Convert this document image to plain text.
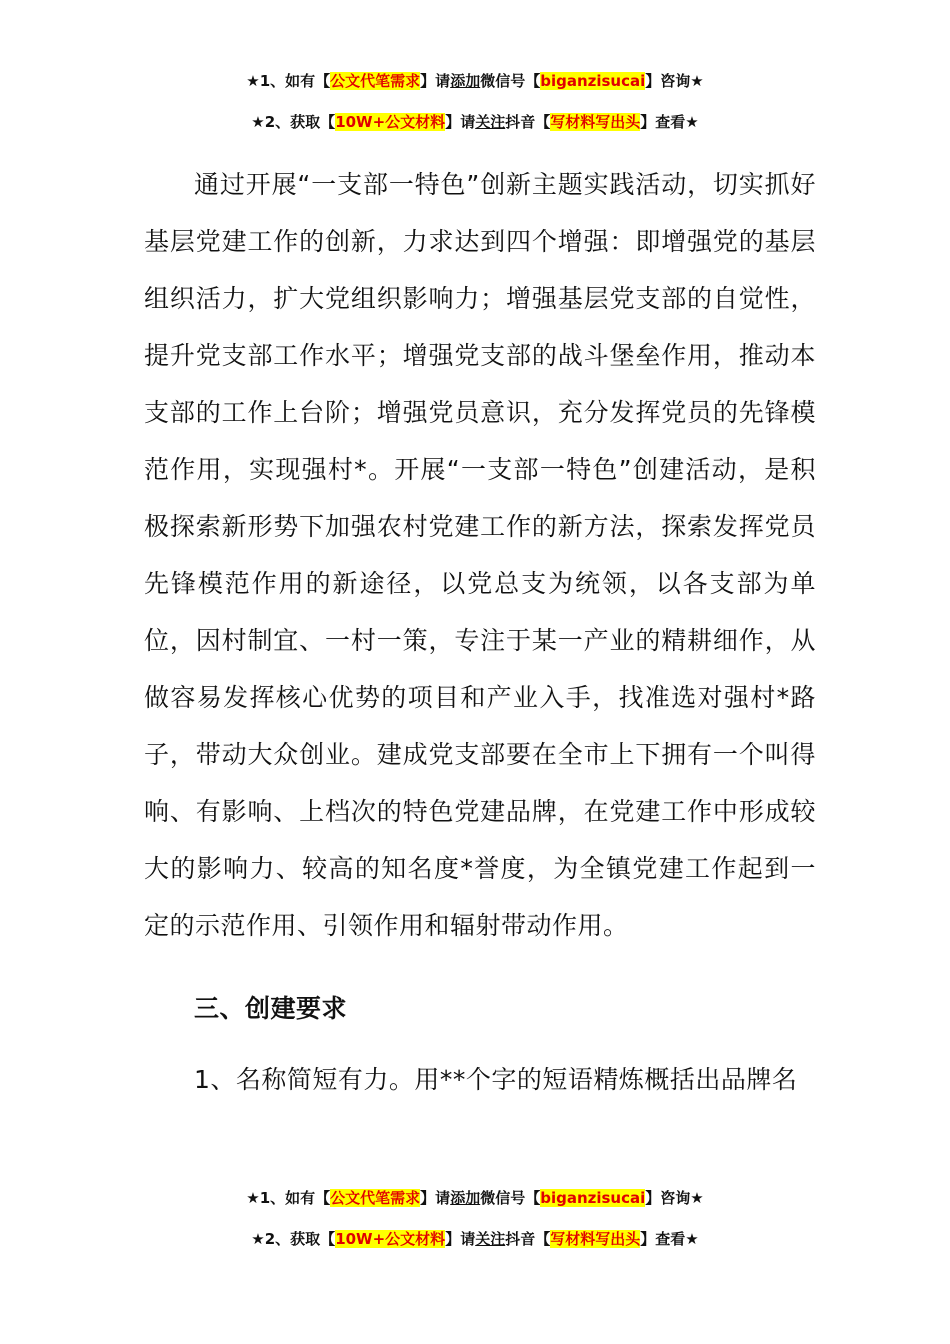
★1、如有【公文代笔需求】请添加微信号【biganzisucai】咨询★
★2、获取【10W+公文材料】请关注抖音【写材料写出头】查看★

通过开展“一支部一特色”创新主题实践活动，切实抓好基层党建工作的创新，力求达到四个增强：即增强党的基层组织活力，扩大党组织影响力；增强基层党支部的自觉性，提升党支部工作水平；增强党支部的战斗堡垒作用，推动本支部的工作上台阶；增强党员意识，充分发挥党员的先锋模范作用，实现强村*。开展“一支部一特色”创建活动，是积极探索新形势下加强农村党建工作的新方法，探索发挥党员先锋模范作用的新途径，以党总支为统领，以各支部为单位，因村制宜、一村一策，专注于某一产业的精耕细作，从做容易发挥核心优势的项目和产业入手，找准选对强村*路子，带动大众创业。建成党支部要在全市上下拥有一个叫得响、有影响、上档次的特色党建品牌，在党建工作中形成较大的影响力、较高的知名度*誉度，为全镇党建工作起到一定的示范作用、引领作用和辐射带动作用。

三、创建要求

1、名称简短有力。用**个字的短语精炼概括出品牌名

★1、如有【公文代笔需求】请添加微信号【biganzisucai】咨询★
★2、获取【10W+公文材料】请关注抖音【写材料写出头】查看★
